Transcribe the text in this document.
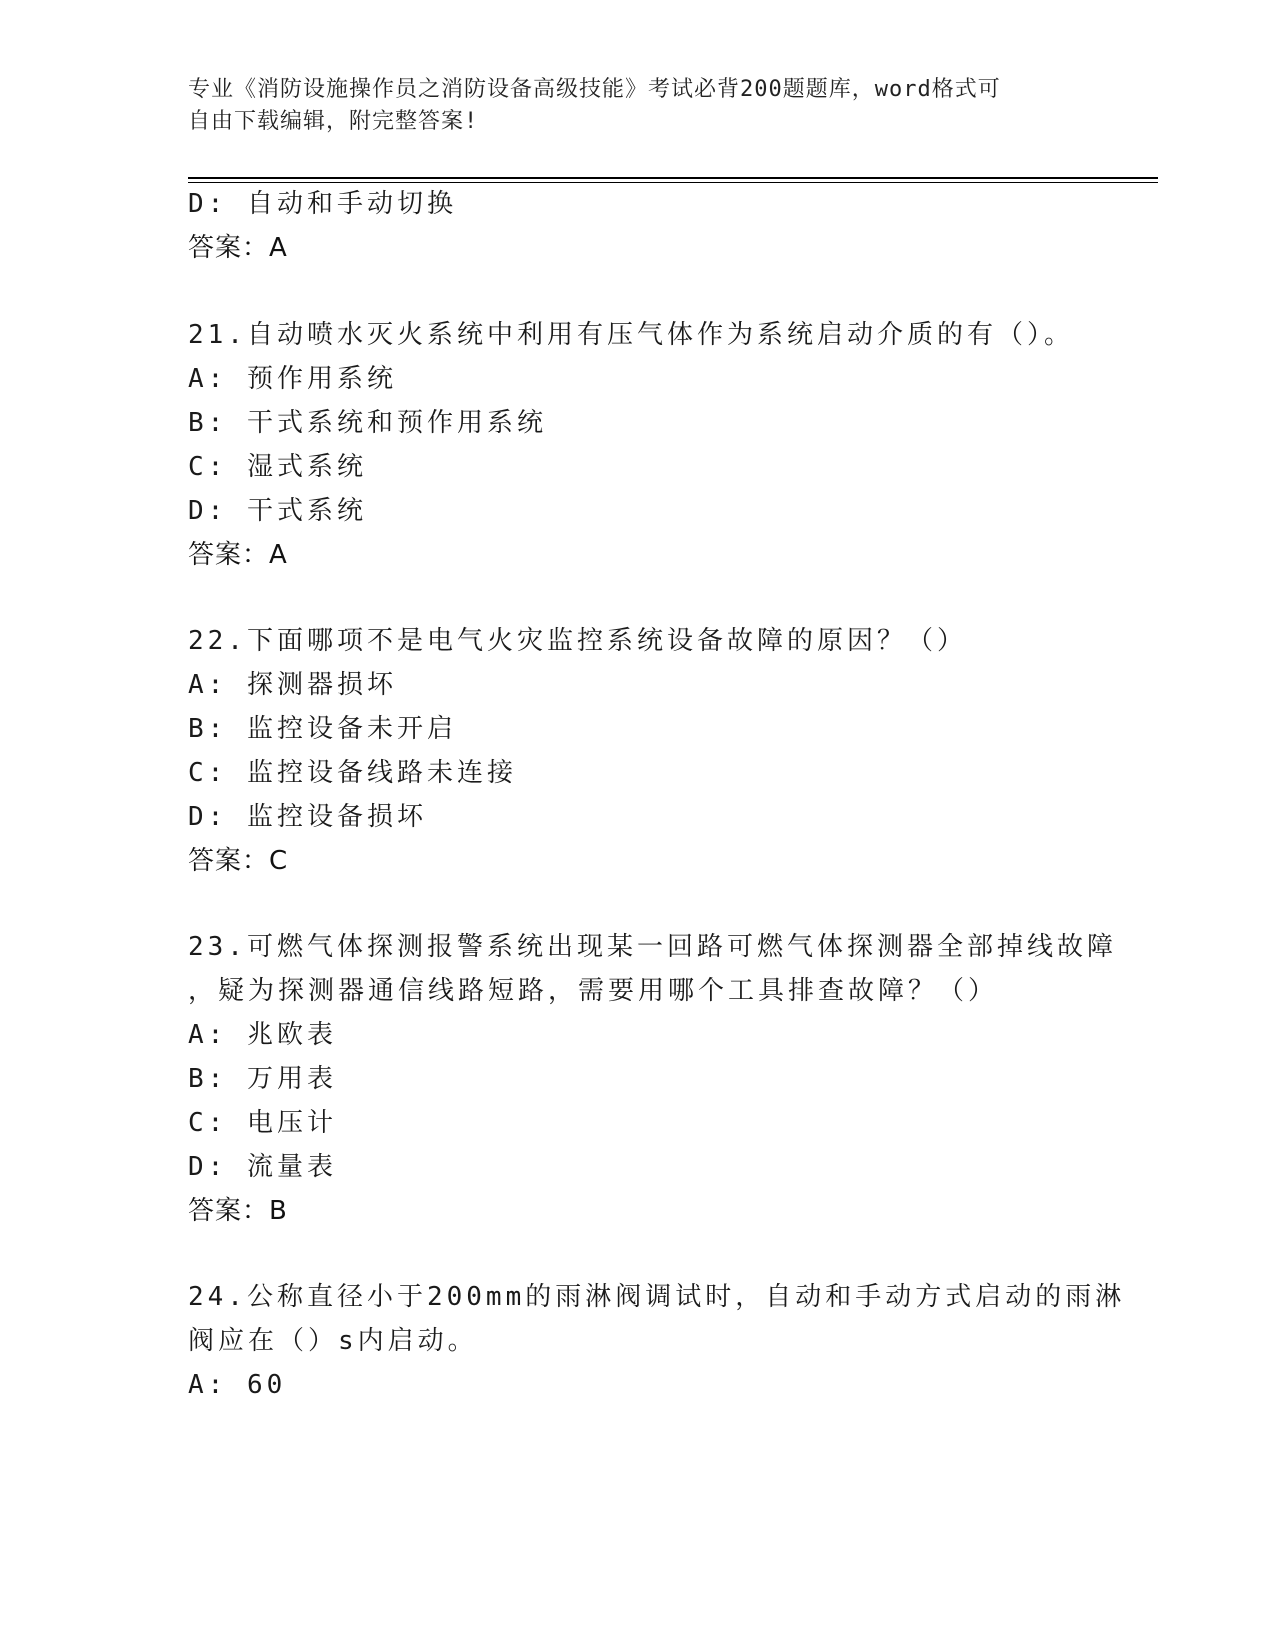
专业《消防设施操作员之消防设备高级技能》考试必背200题题库，word格式可
自由下载编辑，附完整答案!
D: 自动和手动切换
答案：A
21.自动喷水灭火系统中利用有压气体作为系统启动介质的有（）。
A: 预作用系统
B: 干式系统和预作用系统
C: 湿式系统
D: 干式系统
答案：A
22.下面哪项不是电气火灾监控系统设备故障的原因？（）
A: 探测器损坏
B: 监控设备未开启
C: 监控设备线路未连接
D: 监控设备损坏
答案：C
23.可燃气体探测报警系统出现某一回路可燃气体探测器全部掉线故障
，疑为探测器通信线路短路，需要用哪个工具排查故障？（）
A: 兆欧表
B: 万用表
C: 电压计
D: 流量表
答案：B
24.公称直径小于200mm的雨淋阀调试时，自动和手动方式启动的雨淋
阀应在（）s内启动。
A: 60
